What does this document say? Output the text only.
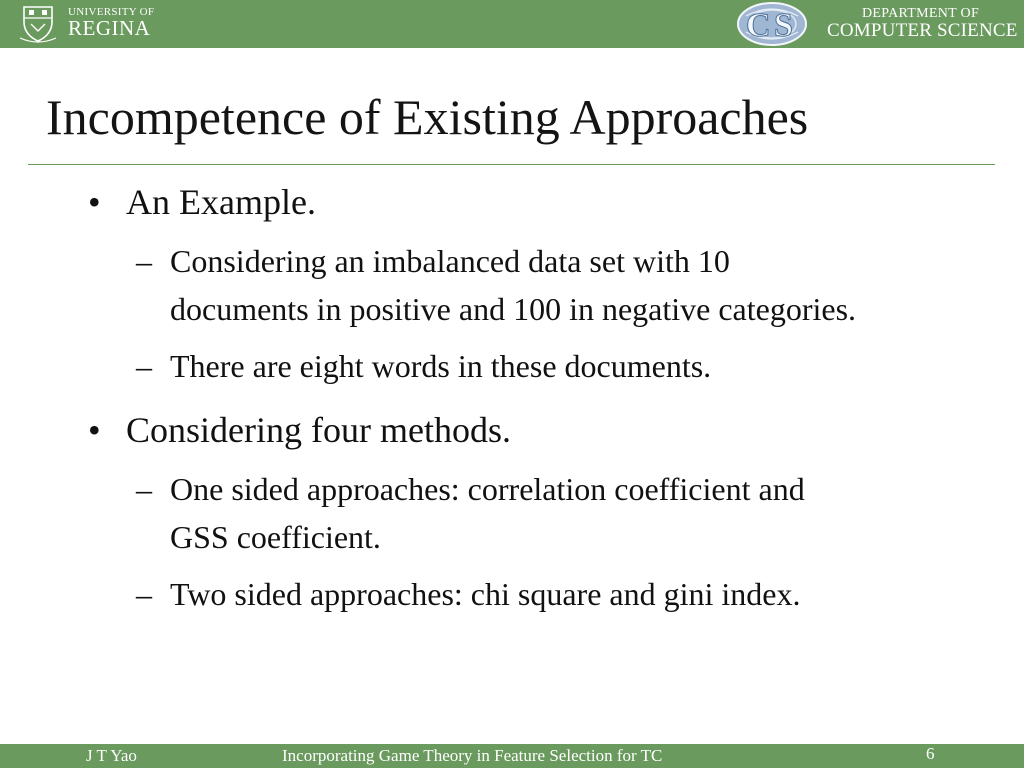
UNIVERSITY OF
REGINA	C S	DEPARTMENT OF
COMPUTER SCIENCE
Incompetence of Existing Approaches
• An Example.
– Considering an imbalanced data set with 10
documents in positive and 100 in negative categories.
– There are eight words in these documents.
• Considering four methods.
– One sided approaches: correlation coefficient and
GSS coefficient.
– Two sided approaches: chi square and gini index.
J T Yao	Incorporating Game Theory in Feature Selection for TC	6
